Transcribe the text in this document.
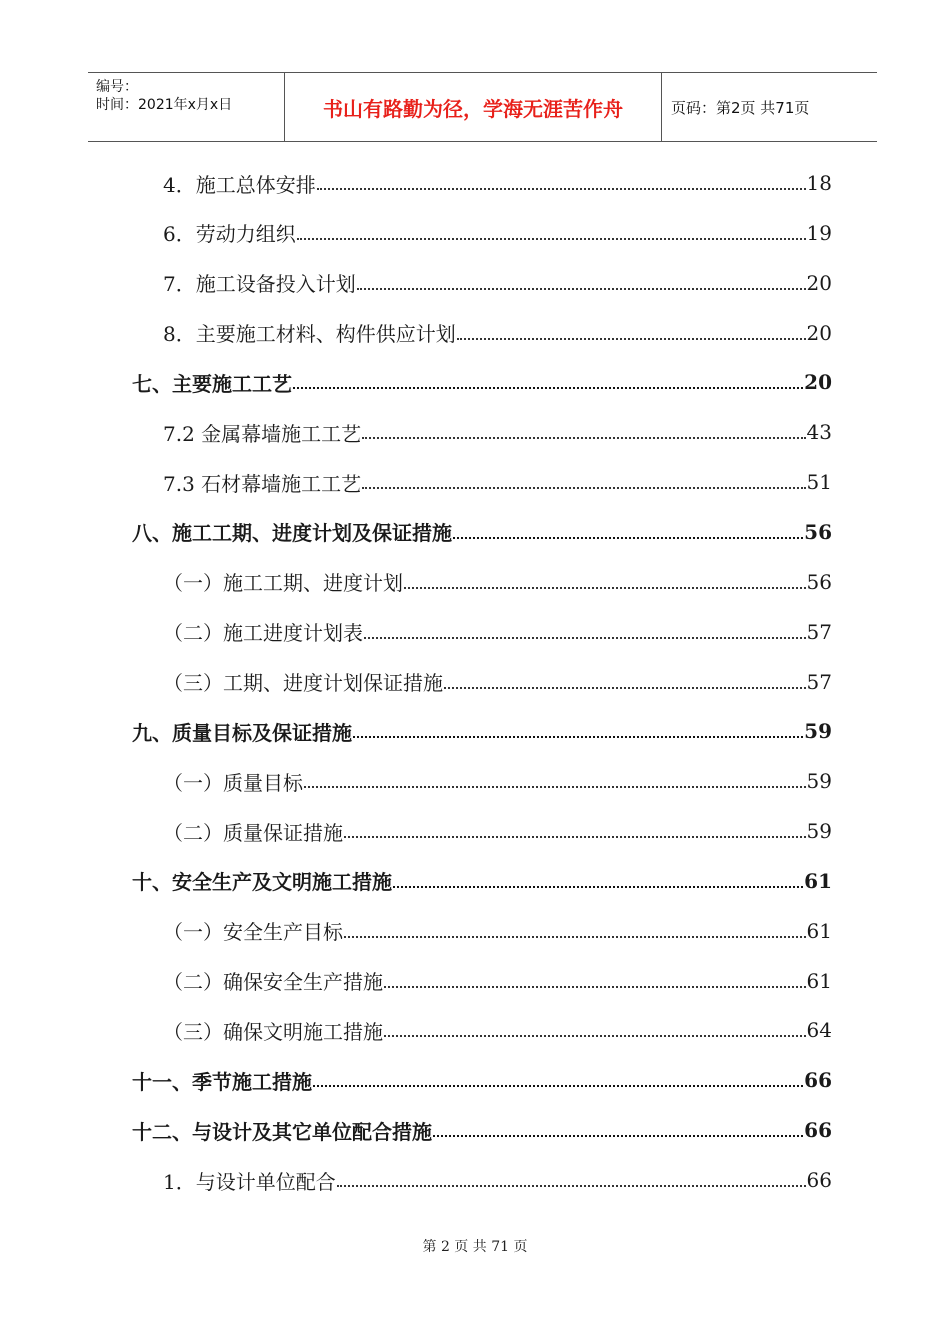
编号：
时间：2021年x月x日	书山有路勤为径，学海无涯苦作舟	页码：第2页 共71页
4．施工总体安排	18
6．劳动力组织	19
7．施工设备投入计划	20
8．主要施工材料、构件供应计划	20
七、主要施工工艺	20
7.2 金属幕墙施工工艺	43
7.3 石材幕墙施工工艺	51
八、施工工期、进度计划及保证措施	56
（一）施工工期、进度计划	56
（二）施工进度计划表	57
（三）工期、进度计划保证措施	57
九、质量目标及保证措施	59
（一）质量目标	59
（二）质量保证措施	59
十、安全生产及文明施工措施	61
（一）安全生产目标	61
（二）确保安全生产措施	61
（三）确保文明施工措施	64
十一、季节施工措施	66
十二、与设计及其它单位配合措施	66
1．与设计单位配合	66
第 2 页 共 71 页
